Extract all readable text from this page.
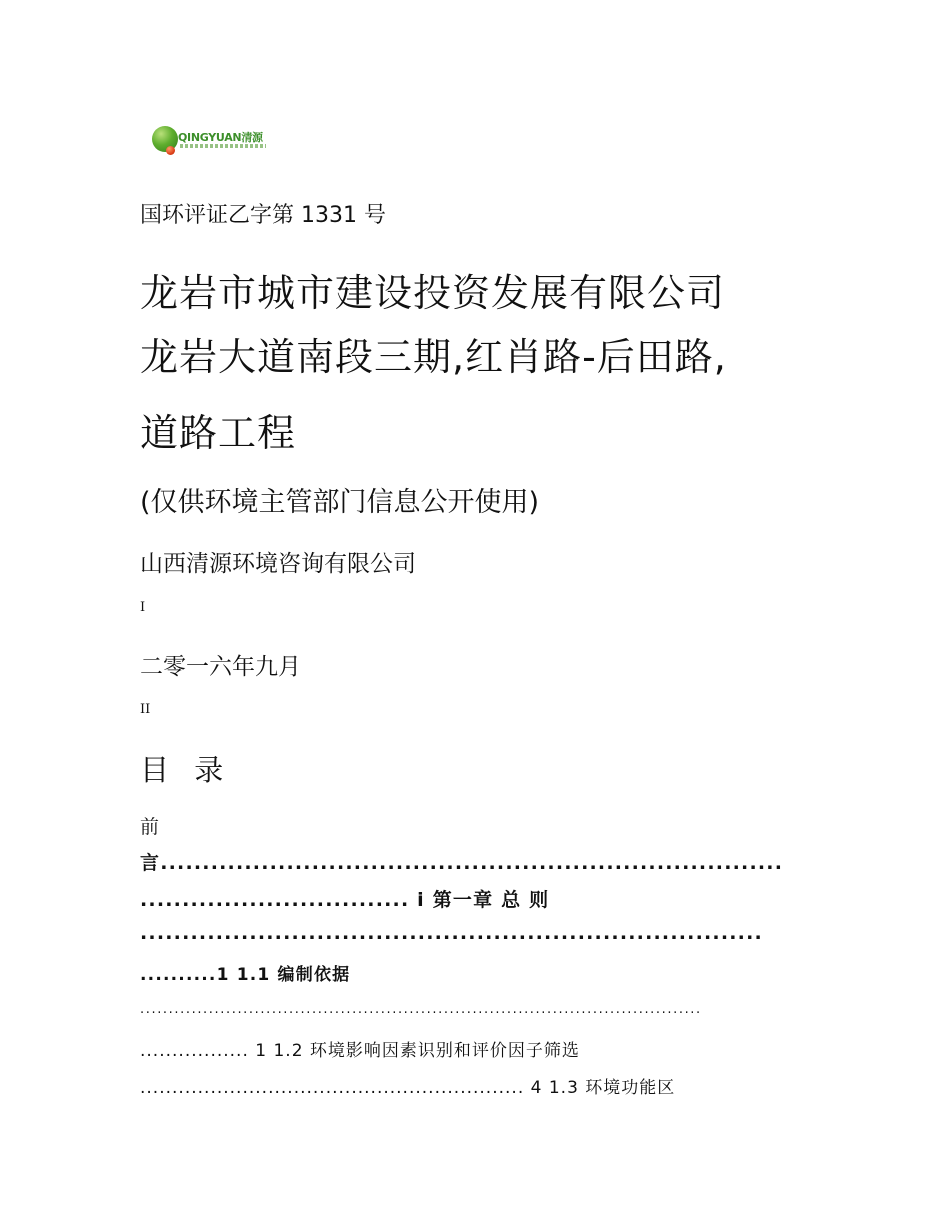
QINGYUAN清源
国环评证乙字第 1331 号
龙岩市城市建设投资发展有限公司
龙岩大道南段三期,红肖路-后田路,
道路工程
(仅供环境主管部门信息公开使用)
山西清源环境咨询有限公司
I
二零一六年九月
II
目 录
前
言..........................................................................
................................ i 第一章 总 则
..........................................................................
..........1 1.1 编制依据
..................................................................................................
................. 1 1.2 环境影响因素识别和评价因子筛选
............................................................ 4 1.3 环境功能区
